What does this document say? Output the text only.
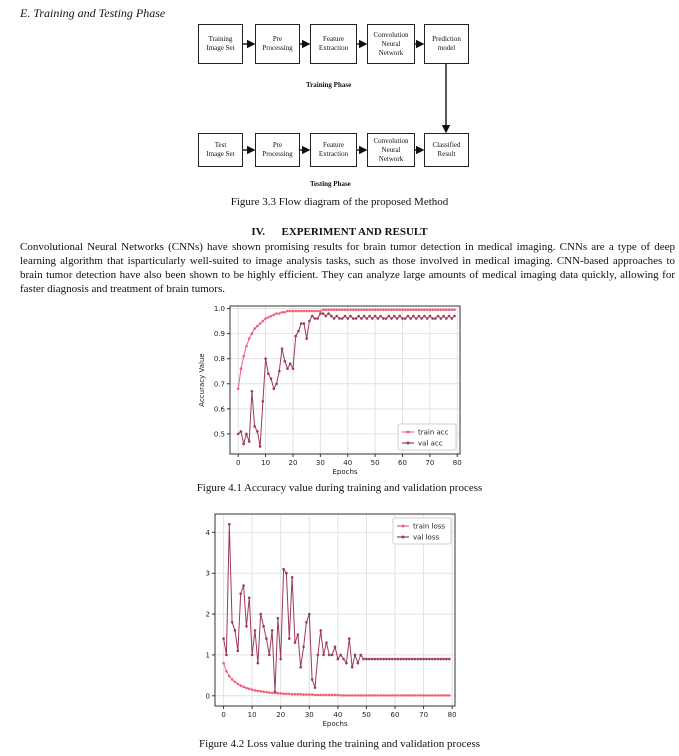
E. Training and Testing Phase
Training
Image Set
Pre
Processing
Feature
Extraction
Convolution
Neural
Network
Prediction
model
Training Phase
Test
Image Set
Pre
Processing
Feature
Extraction
Convolution
Neural
Network
Classified
Result
Testing Phase
Figure 3.3 Flow diagram of the proposed Method
IV.      EXPERIMENT AND RESULT
Convolutional Neural Networks (CNNs) have shown promising results for brain tumor detection in medical imaging. CNNs are a type of deep learning algorithm that isparticularly well-suited to image analysis tasks, such as those involved in medical imaging. CNN-based approaches to brain tumor detection have also been shown to be highly efficient. They can analyze large amounts of medical imaging data quickly, allowing for faster diagnosis and treatment of brain tumors.
0	10	20	30	40	50	60	70	80
0.5
0.6
0.7
0.8
0.9
1.0
Epochs
Accuracy Value
train acc
val acc
Figure 4.1 Accuracy value during training and validation process
0	10	20	30	40	50	60	70	80
0
1
2
3
4
Epochs
train loss
val loss
Figure 4.2 Loss value during the training and validation process
